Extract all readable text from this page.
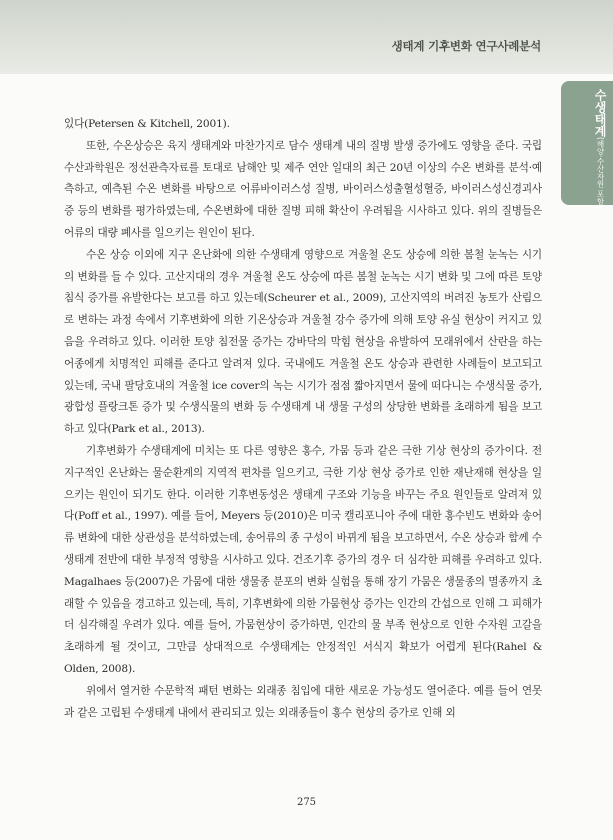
생태계 기후변화 연구사례분석
수생태계(해양·수산자원 포함)

있다(Petersen & Kitchell, 2001).

또한, 수온상승은 육지 생태계와 마찬가지로 담수 생태계 내의 질병 발생 증가에도 영향을 준다. 국립수산과학원은 정선관측자료를 토대로 남해안 및 제주 연안 일대의 최근 20년 이상의 수온 변화를 분석·예측하고, 예측된 수온 변화를 바탕으로 어류바이러스성 질병, 바이러스성출혈성혈증, 바이러스성신경괴사증 등의 변화를 평가하였는데, 수온변화에 대한 질병 피해 확산이 우려됨을 시사하고 있다. 위의 질병들은 어류의 대량 폐사를 일으키는 원인이 된다.

수온 상승 이외에 지구 온난화에 의한 수생태계 영향으로 겨울철 온도 상승에 의한 봄철 눈녹는 시기의 변화를 들 수 있다. 고산지대의 경우 겨울철 온도 상승에 따른 봄철 눈녹는 시기 변화 및 그에 따른 토양 침식 증가를 유발한다는 보고를 하고 있는데(Scheurer et al., 2009), 고산지역의 버려진 농토가 산림으로 변하는 과정 속에서 기후변화에 의한 기온상승과 겨울철 강수 증가에 의해 토양 유실 현상이 커지고 있음을 우려하고 있다. 이러한 토양 침전물 증가는 강바닥의 막힘 현상을 유발하여 모래위에서 산란을 하는 어종에게 치명적인 피해를 준다고 알려져 있다. 국내에도 겨울철 온도 상승과 관련한 사례들이 보고되고 있는데, 국내 팔당호내의 겨울철 ice cover의 녹는 시기가 점점 짧아지면서 물에 떠다니는 수생식물 증가, 광합성 플랑크톤 증가 및 수생식물의 변화 등 수생태계 내 생물 구성의 상당한 변화를 초래하게 됨을 보고하고 있다(Park et al., 2013).

기후변화가 수생태계에 미치는 또 다른 영향은 홍수, 가뭄 등과 같은 극한 기상 현상의 증가이다. 전 지구적인 온난화는 물순환계의 지역적 편차를 일으키고, 극한 기상 현상 증가로 인한 재난재해 현상을 일으키는 원인이 되기도 한다. 이러한 기후변동성은 생태계 구조와 기능을 바꾸는 주요 원인들로 알려져 있다(Poff et al., 1997). 예를 들어, Meyers 등(2010)은 미국 캘리포니아 주에 대한 홍수빈도 변화와 송어류 변화에 대한 상관성을 분석하였는데, 송어류의 종 구성이 바뀌게 됨을 보고하면서, 수온 상승과 함께 수생태계 전반에 대한 부정적 영향을 시사하고 있다. 건조기후 증가의 경우 더 심각한 피해를 우려하고 있다. Magalhaes 등(2007)은 가뭄에 대한 생물종 분포의 변화 실험을 통해 장기 가뭄은 생물종의 멸종까지 초래할 수 있음을 경고하고 있는데, 특히, 기후변화에 의한 가뭄현상 증가는 인간의 간섭으로 인해 그 피해가 더 심각해질 우려가 있다. 예를 들어, 가뭄현상이 증가하면, 인간의 물 부족 현상으로 인한 수자원 고갈을 초래하게 될 것이고, 그만큼 상대적으로 수생태계는 안정적인 서식지 확보가 어렵게 된다(Rahel & Olden, 2008).

위에서 열거한 수문학적 패턴 변화는 외래종 침입에 대한 새로운 가능성도 열어준다. 예를 들어 연못과 같은 고립된 수생태계 내에서 관리되고 있는 외래종들이 홍수 현상의 증가로 인해 외

275
